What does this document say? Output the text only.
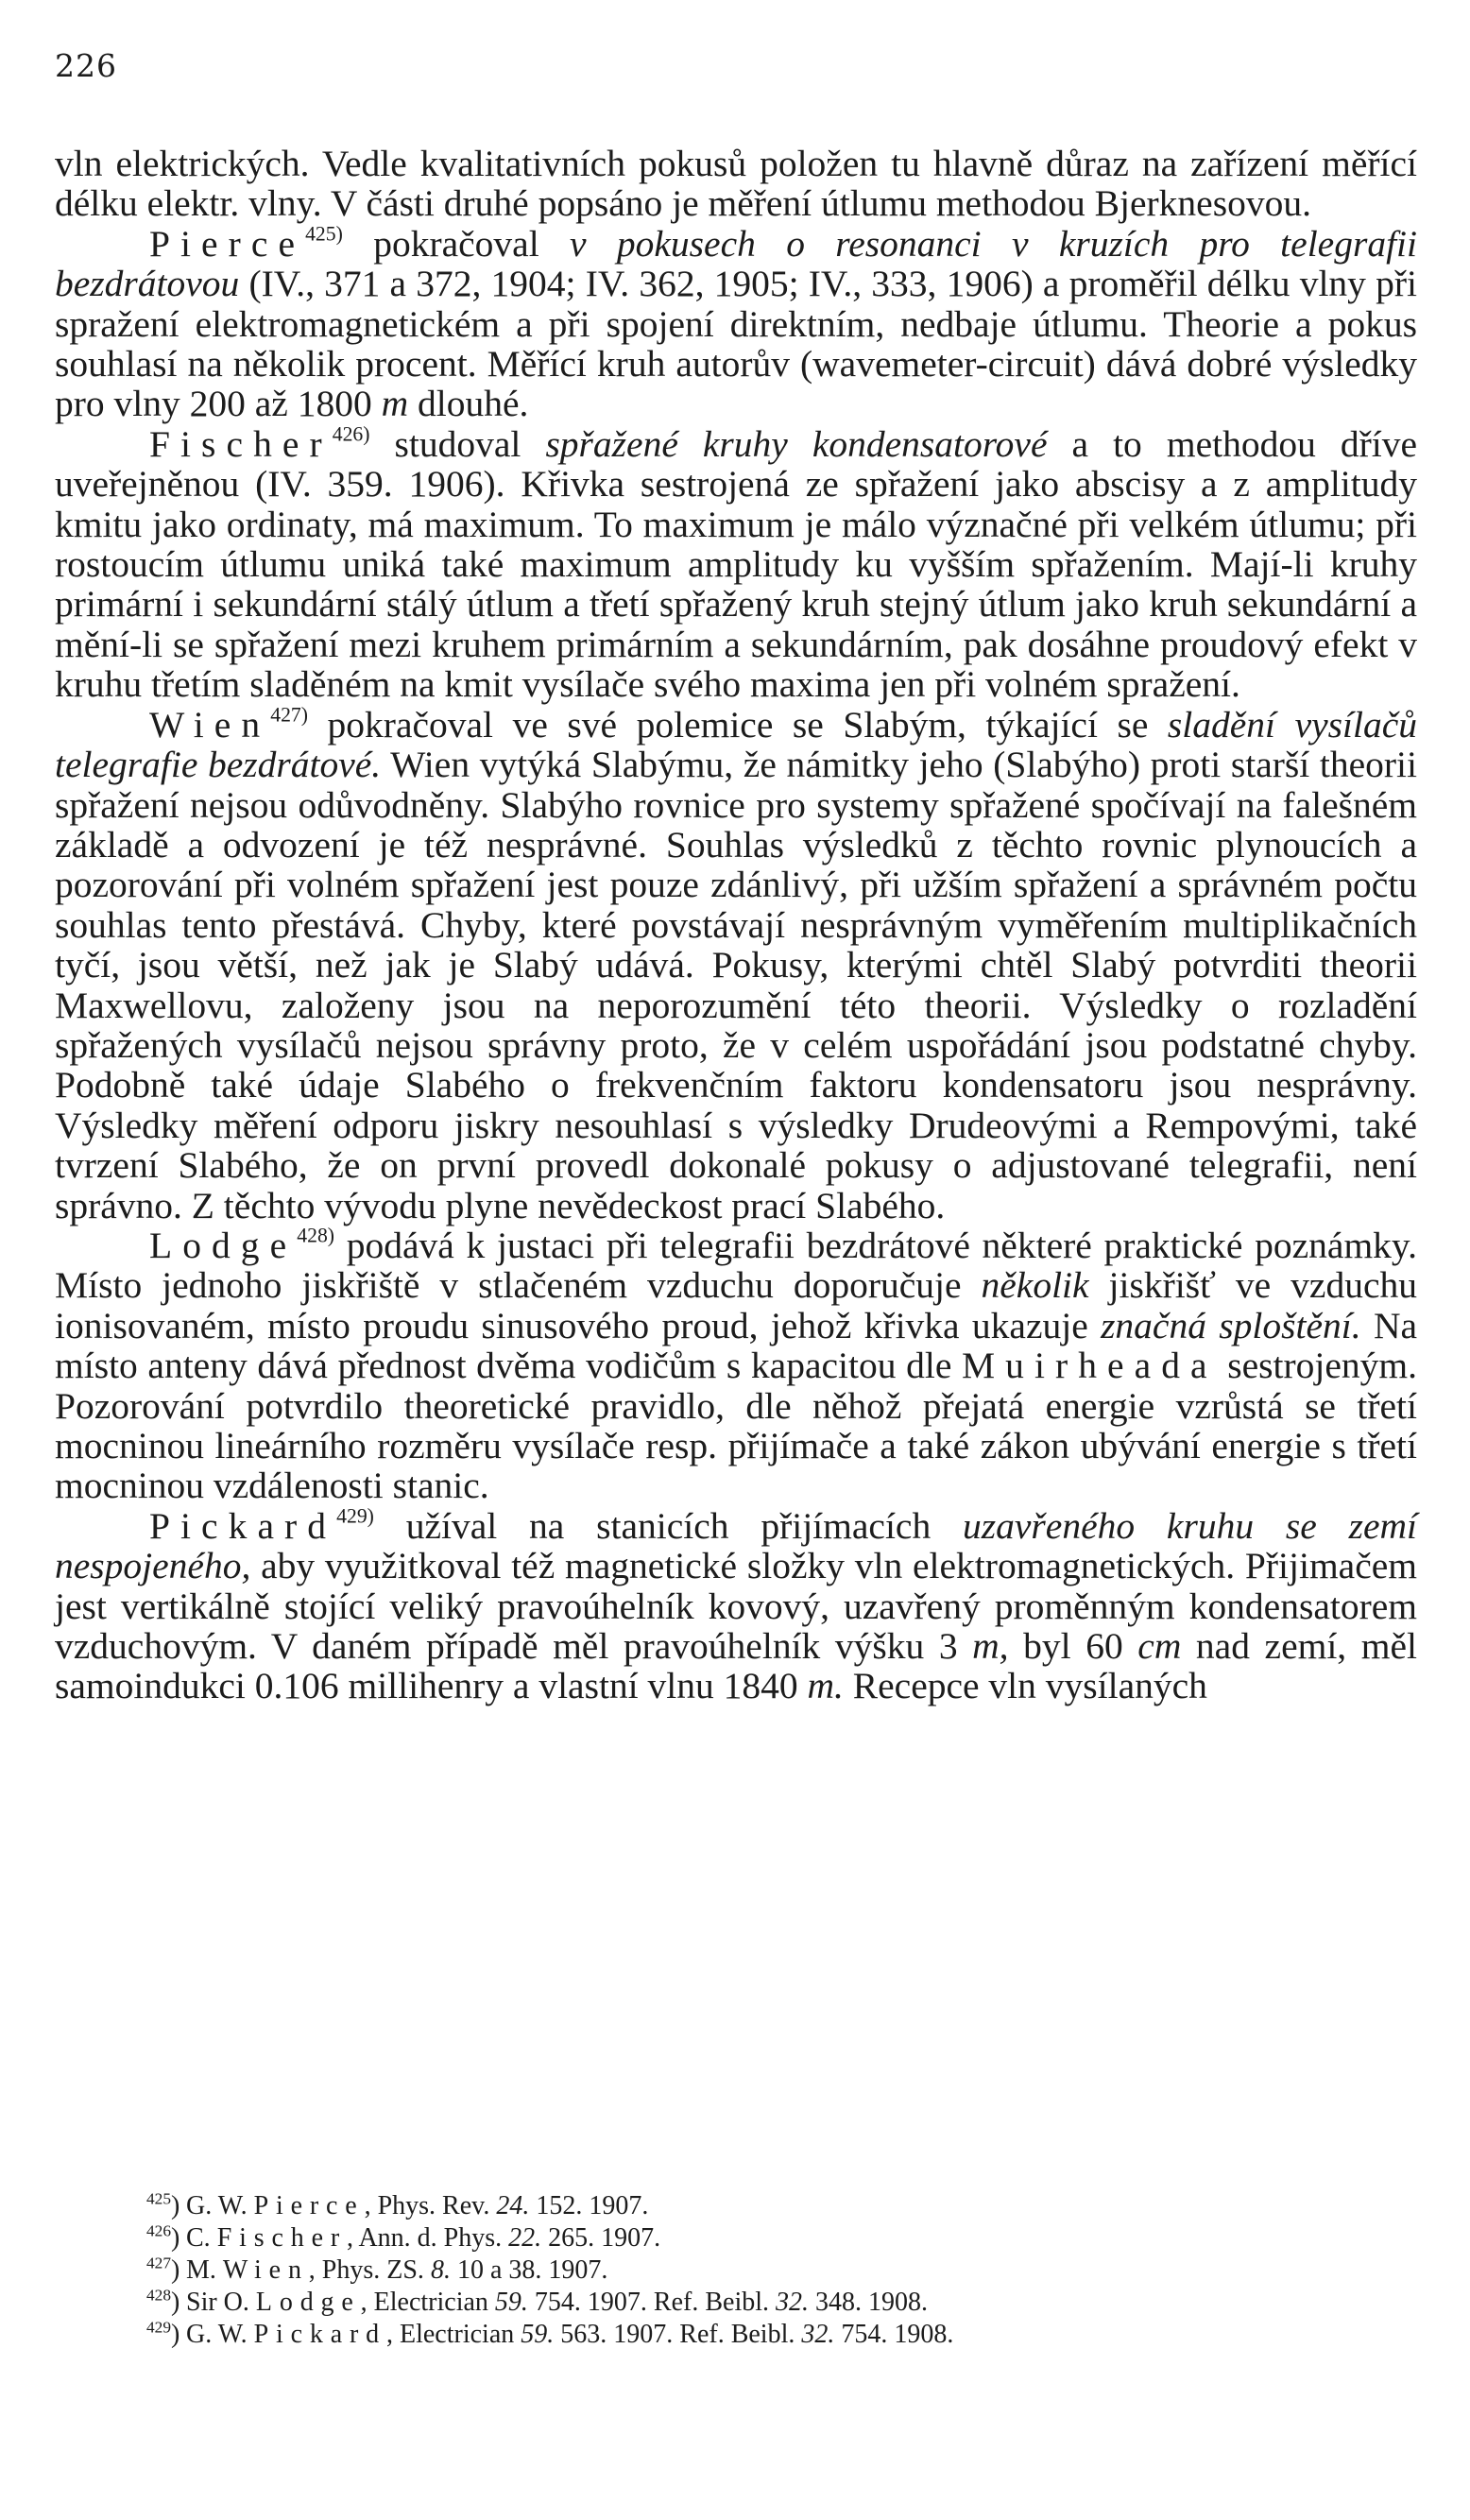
226

vln elektrických. Vedle kvalitativních pokusů položen tu hlavně důraz na zařízení měřící délku elektr. vlny. V části druhé popsáno je měření útlumu methodou Bjerknesovou.

Pierce$^{425)}$ pokračoval v pokusech o resonanci v kruzích pro telegrafii bezdrátovou (IV., 371 a 372, 1904; IV. 362, 1905; IV., 333, 1906) a proměřil délku vlny při spražení elektromagnetickém a při spojení direktním, nedbaje útlumu. Theorie a pokus souhlasí na několik procent. Měřící kruh autorův (wavemeter-circuit) dává dobré výsledky pro vlny 200 až 1800 m dlouhé.

Fischer$^{426)}$ studoval spřažené kruhy kondensatorové a to methodou dříve uveřejněnou (IV. 359. 1906). Křivka sestrojená ze spřažení jako abscisy a z amplitudy kmitu jako ordinaty, má maximum. To maximum je málo význačné při velkém útlumu; při rostoucím útlumu uniká také maximum amplitudy ku vyšším spřažením. Mají-li kruhy primární i sekundární stálý útlum a třetí spřažený kruh stejný útlum jako kruh sekundární a mění-li se spřažení mezi kruhem primárním a sekundárním, pak dosáhne proudový efekt v kruhu třetím sladěném na kmit vysílače svého maxima jen při volném spražení.

Wien$^{427)}$ pokračoval ve své polemice se Slabým, týkající se sladění vysílačů telegrafie bezdrátové. Wien vytýká Slabýmu, že námitky jeho (Slabýho) proti starší theorii spřažení nejsou odůvodněny. Slabýho rovnice pro systemy spřažené spočívají na falešném základě a odvození je též nesprávné. Souhlas výsledků z těchto rovnic plynoucích a pozorování při volném spřažení jest pouze zdánlivý, při užším spřažení a správném počtu souhlas tento přestává. Chyby, které povstávají nesprávným vyměřením multiplikačních tyčí, jsou větší, než jak je Slabý udává. Pokusy, kterými chtěl Slabý potvrditi theorii Maxwellovu, založeny jsou na neporozumění této theorii. Výsledky o rozladění spřažených vysílačů nejsou správny proto, že v celém uspořádání jsou podstatné chyby. Podobně také údaje Slabého o frekvenčním faktoru kondensatoru jsou nesprávny. Výsledky měření odporu jiskry nesouhlasí s výsledky Drudeovými a Rempovými, také tvrzení Slabého, že on první provedl dokonalé pokusy o adjustované telegrafii, není správno. Z těchto vývodu plyne nevědeckost prací Slabého.

Lodge$^{428)}$ podává k justaci při telegrafii bezdrátové některé praktické poznámky. Místo jednoho jiskřiště v stlačeném vzduchu doporučuje několik jiskřišť ve vzduchu ionisovaném, místo proudu sinusového proud, jehož křivka ukazuje značná sploštění. Na místo anteny dává přednost dvěma vodičům s kapacitou dle Muirheada sestrojeným. Pozorování potvrdilo theoretické pravidlo, dle něhož přejatá energie vzrůstá se třetí mocninou lineárního rozměru vysílače resp. přijímače a také zákon ubývání energie s třetí mocninou vzdálenosti stanic.

Pickard$^{429)}$ užíval na stanicích přijímacích uzavřeného kruhu se zemí nespojeného, aby využitkoval též magnetické složky vln elektromagnetických. Přijimačem jest vertikálně stojící veliký pravoúhelník kovový, uzavřený proměnným kondensatorem vzduchovým. V daném případě měl pravoúhelník výšku 3 m, byl 60 cm nad zemí, měl samoindukci 0.106 millihenry a vlastní vlnu 1840 m. Recepce vln vysílaných

$^{425}$) G. W. Pierce, Phys. Rev. 24. 152. 1907.
$^{426}$) C. Fischer, Ann. d. Phys. 22. 265. 1907.
$^{427}$) M. Wien, Phys. ZS. 8. 10 a 38. 1907.
$^{428}$) Sir O. Lodge, Electrician 59. 754. 1907. Ref. Beibl. 32. 348. 1908.
$^{429}$) G. W. Pickard, Electrician 59. 563. 1907. Ref. Beibl. 32. 754. 1908.
